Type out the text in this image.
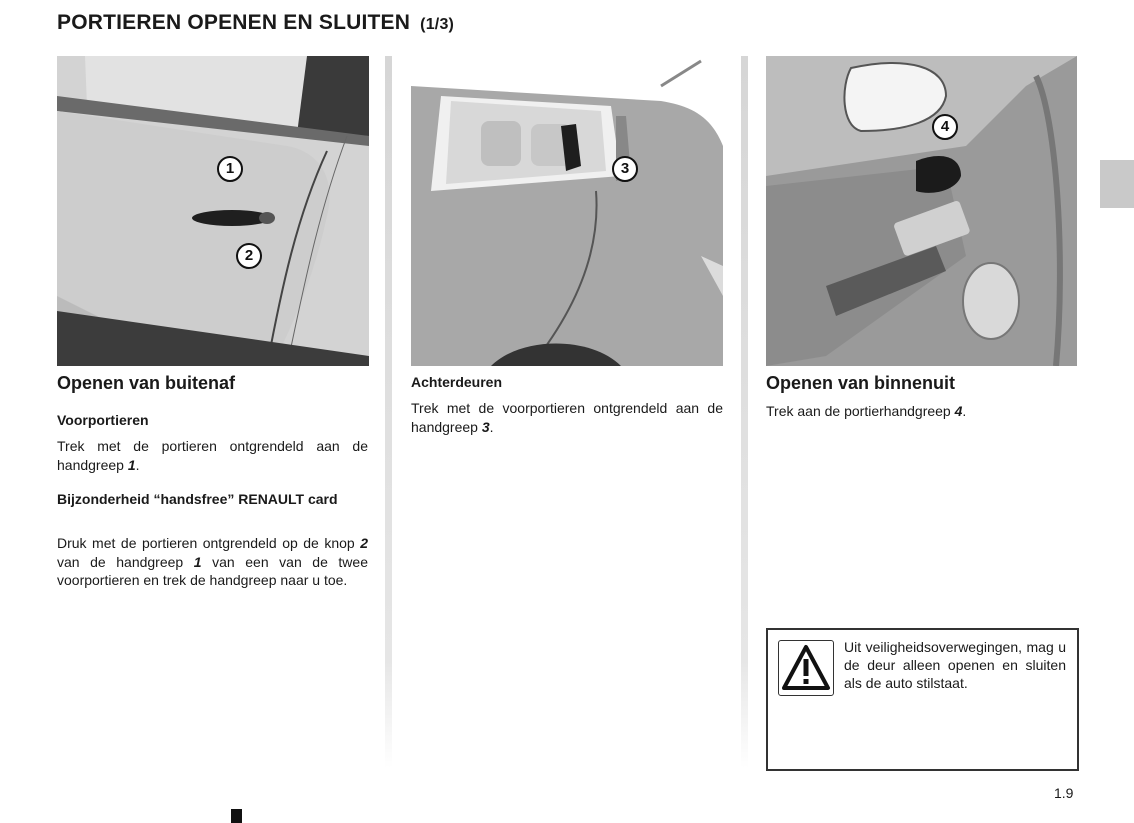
PORTIEREN OPENEN EN SLUITEN (1/3)
1
2
3
4
Openen van buitenaf
Voorportieren

Trek met de portieren ontgrendeld aan de handgreep 1.

Bijzonderheid “handsfree” RENAULT card

Druk met de portieren ontgrendeld op de knop 2 van de handgreep 1 van een van de twee voorportieren en trek de handgreep naar u toe.

Achterdeuren

Trek met de voorportieren ontgrendeld aan de handgreep 3.

Openen van binnenuit

Trek aan de portierhandgreep 4.

Uit veiligheidsoverwegingen, mag u de deur alleen openen en sluiten als de auto stilstaat.
1.9
